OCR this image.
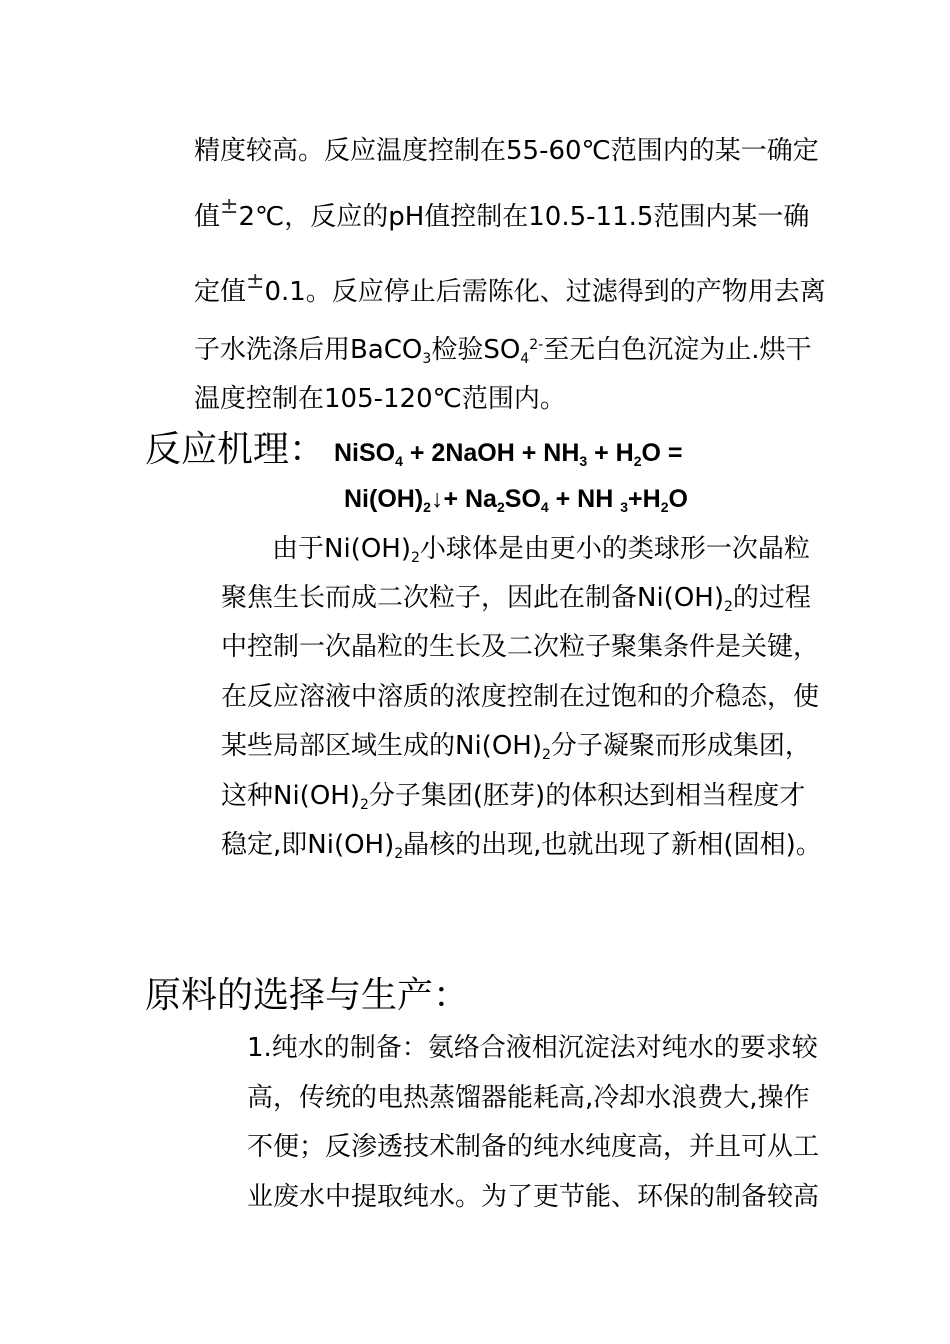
精度较高。反应温度控制在55-60℃范围内的某一确定
值±2℃，反应的pH值控制在10.5-11.5范围内某一确
定值±0.1。反应停止后需陈化、过滤得到的产物用去离
子水洗涤后用BaCO$_3$检验$SO_4^{2-}$至无白色沉淀为止.烘干
温度控制在105-120℃范围内。
反应机理： NiSO$_4$ + 2NaOH + $NH_3 + H_2O$ =
$Ni(OH)_2↓+ Na_2SO_4$ + NH $_3+H_2O$
由于$Ni(OH)_2$小球体是由更小的类球形一次晶粒
聚焦生长而成二次粒子，因此在制备$Ni(OH)_2$的过程
中控制一次晶粒的生长及二次粒子聚集条件是关键，
在反应溶液中溶质的浓度控制在过饱和的介稳态，使
某些局部区域生成的$Ni(OH)_2$分子凝聚而形成集团，
这种$Ni(OH)_2$分子集团(胚芽)的体积达到相当程度才
稳定,即$Ni(OH)_2$晶核的出现,也就出现了新相(固相)。
原料的选择与生产：
1.纯水的制备：氨络合液相沉淀法对纯水的要求较
高，传统的电热蒸馏器能耗高,冷却水浪费大,操作
不便；反渗透技术制备的纯水纯度高，并且可从工
业废水中提取纯水。为了更节能、环保的制备较高
